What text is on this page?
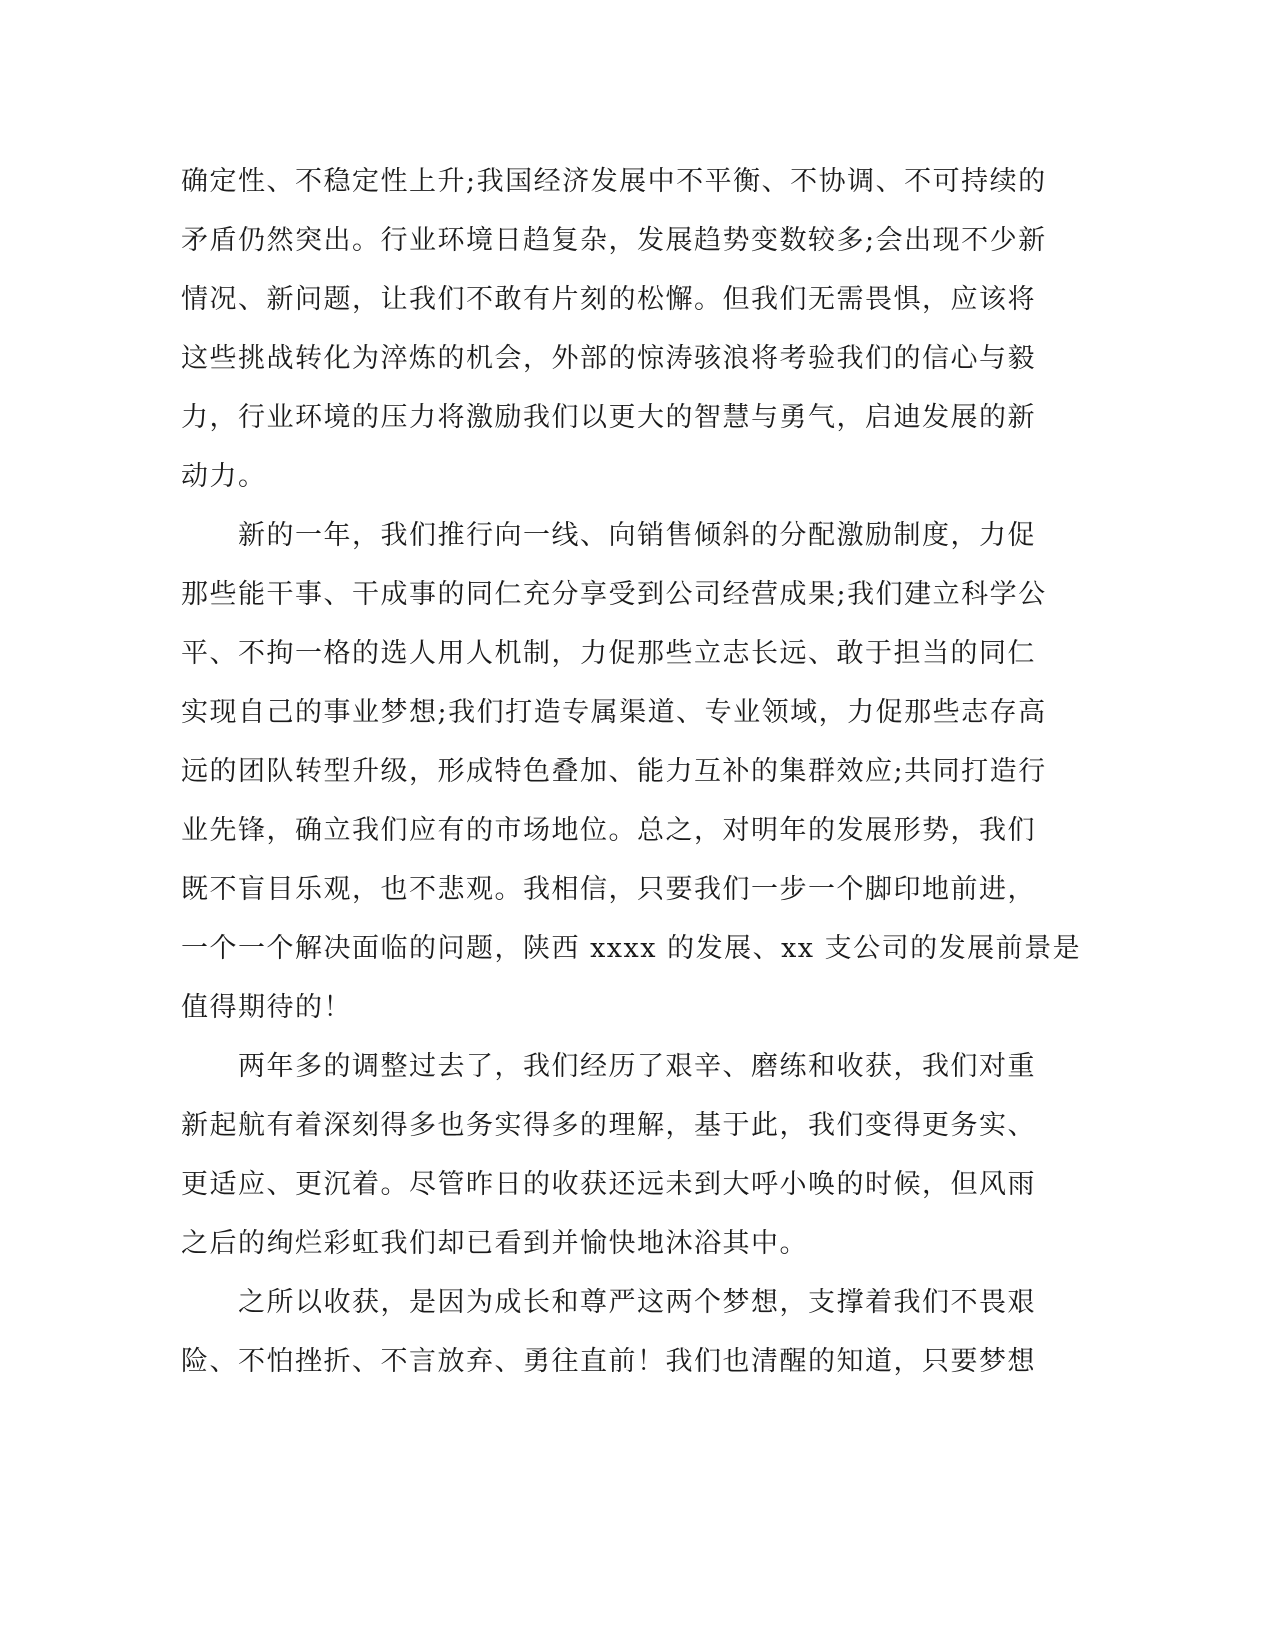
确定性、不稳定性上升;我国经济发展中不平衡、不协调、不可持续的
矛盾仍然突出。行业环境日趋复杂，发展趋势变数较多;会出现不少新
情况、新问题，让我们不敢有片刻的松懈。但我们无需畏惧，应该将
这些挑战转化为淬炼的机会，外部的惊涛骇浪将考验我们的信心与毅
力，行业环境的压力将激励我们以更大的智慧与勇气，启迪发展的新
动力。
　　新的一年，我们推行向一线、向销售倾斜的分配激励制度，力促
那些能干事、干成事的同仁充分享受到公司经营成果;我们建立科学公
平、不拘一格的选人用人机制，力促那些立志长远、敢于担当的同仁
实现自己的事业梦想;我们打造专属渠道、专业领域，力促那些志存高
远的团队转型升级，形成特色叠加、能力互补的集群效应;共同打造行
业先锋，确立我们应有的市场地位。总之，对明年的发展形势，我们
既不盲目乐观，也不悲观。我相信，只要我们一步一个脚印地前进，
一个一个解决面临的问题，陕西 xxxx 的发展、xx 支公司的发展前景是
值得期待的！
　　两年多的调整过去了，我们经历了艰辛、磨练和收获，我们对重
新起航有着深刻得多也务实得多的理解，基于此，我们变得更务实、
更适应、更沉着。尽管昨日的收获还远未到大呼小唤的时候，但风雨
之后的绚烂彩虹我们却已看到并愉快地沐浴其中。
　　之所以收获，是因为成长和尊严这两个梦想，支撑着我们不畏艰
险、不怕挫折、不言放弃、勇往直前！我们也清醒的知道，只要梦想
